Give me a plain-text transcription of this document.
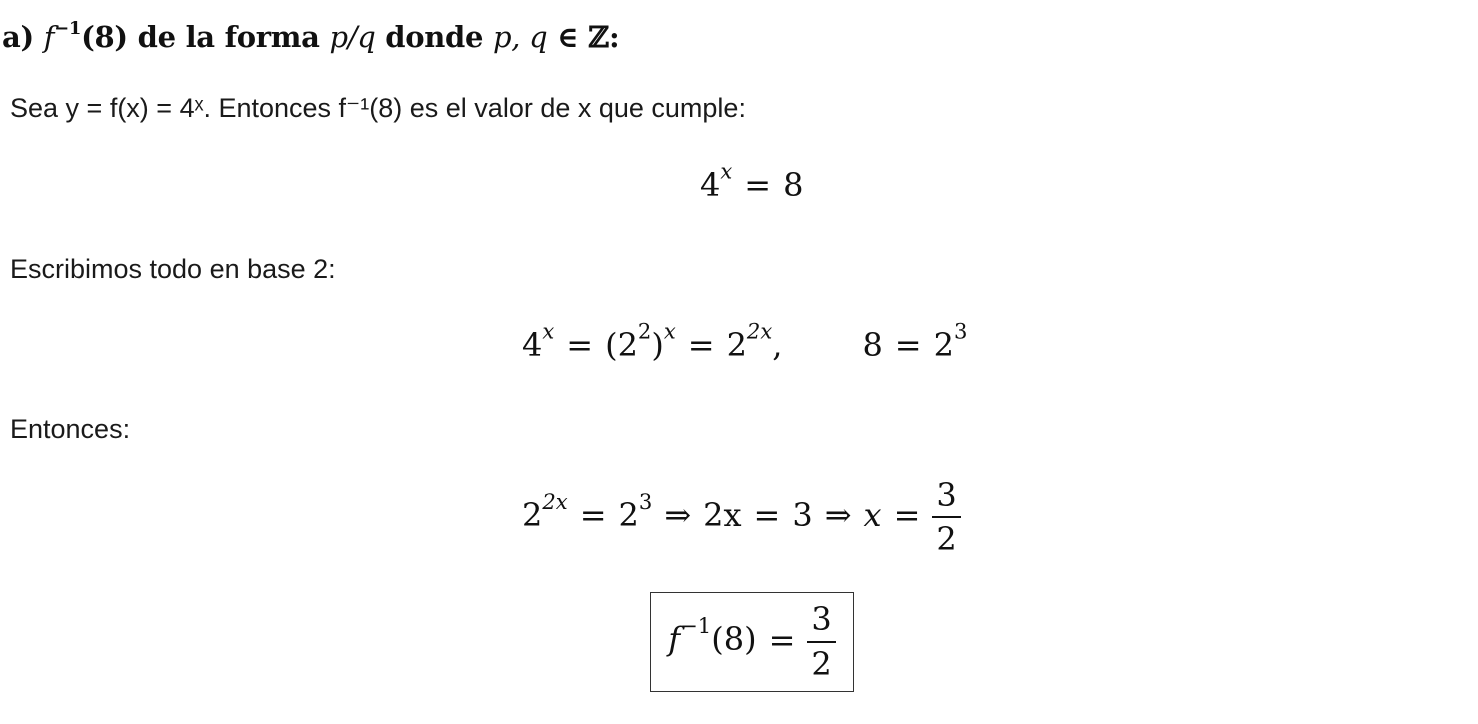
a) $f^{-1}(8)$ de la forma p/q donde p, q ∈ ℤ:
Sea y = f(x) = 4ˣ. Entonces f⁻¹(8) es el valor de x que cumple:
$4^x = 8$
Escribimos todo en base 2:
$4^x = (2^2)^x = 2^{2x}$,	$8 = 2^3$
Entonces:
$2^{2x} = 2^3$ ⇒ 2x = 3 ⇒ $x = \frac{3}{2}$
$f^{-1}(8) = \frac{3}{2}$
